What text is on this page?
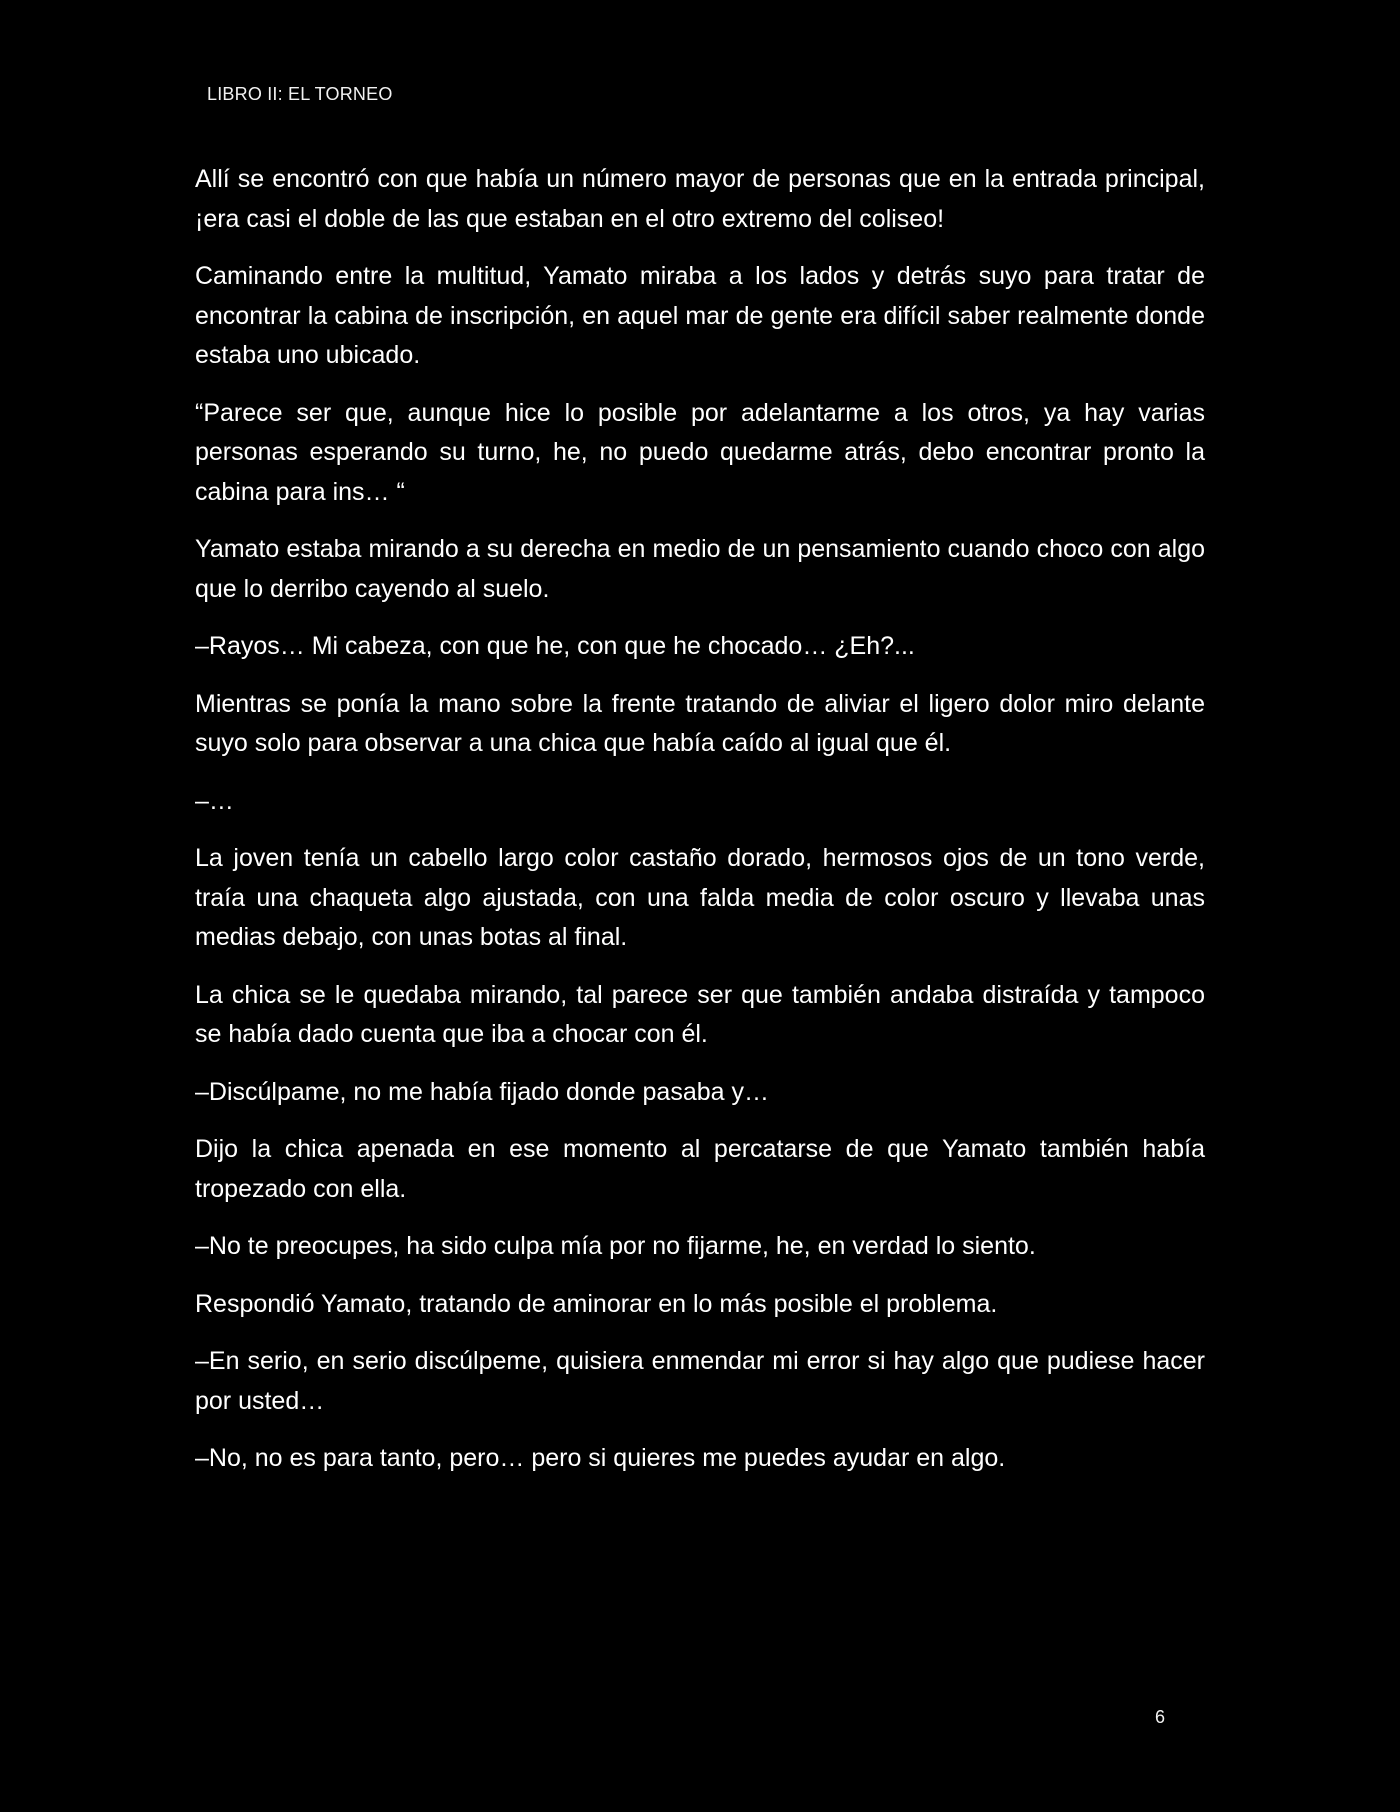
LIBRO II: EL TORNEO

Allí se encontró con que había un número mayor de personas que en la entrada principal, ¡era casi el doble de las que estaban en el otro extremo del coliseo!

Caminando entre la multitud, Yamato miraba a los lados y detrás suyo para tratar de encontrar la cabina de inscripción, en aquel mar de gente era difícil saber realmente donde estaba uno ubicado.

“Parece ser que, aunque hice lo posible por adelantarme a los otros, ya hay varias personas esperando su turno, he, no puedo quedarme atrás, debo encontrar pronto la cabina para ins… “

Yamato estaba mirando a su derecha en medio de un pensamiento cuando choco con algo que lo derribo cayendo al suelo.

–Rayos… Mi cabeza, con que he, con que he chocado… ¿Eh?...

Mientras se ponía la mano sobre la frente tratando de aliviar el ligero dolor miro delante suyo solo para observar a una chica que había caído al igual que él.

–…

La joven tenía un cabello largo color castaño dorado, hermosos ojos de un tono verde, traía una chaqueta algo ajustada, con una falda media de color oscuro y llevaba unas medias debajo, con unas botas al final.

La chica se le quedaba mirando, tal parece ser que también andaba distraída y tampoco se había dado cuenta que iba a chocar con él.

–Discúlpame, no me había fijado donde pasaba y…

Dijo la chica apenada en ese momento al percatarse de que Yamato también había tropezado con ella.

–No te preocupes, ha sido culpa mía por no fijarme, he, en verdad lo siento.

Respondió Yamato, tratando de aminorar en lo más posible el problema.

–En serio, en serio discúlpeme, quisiera enmendar mi error si hay algo que pudiese hacer por usted…

–No, no es para tanto, pero… pero si quieres me puedes ayudar en algo.

6
